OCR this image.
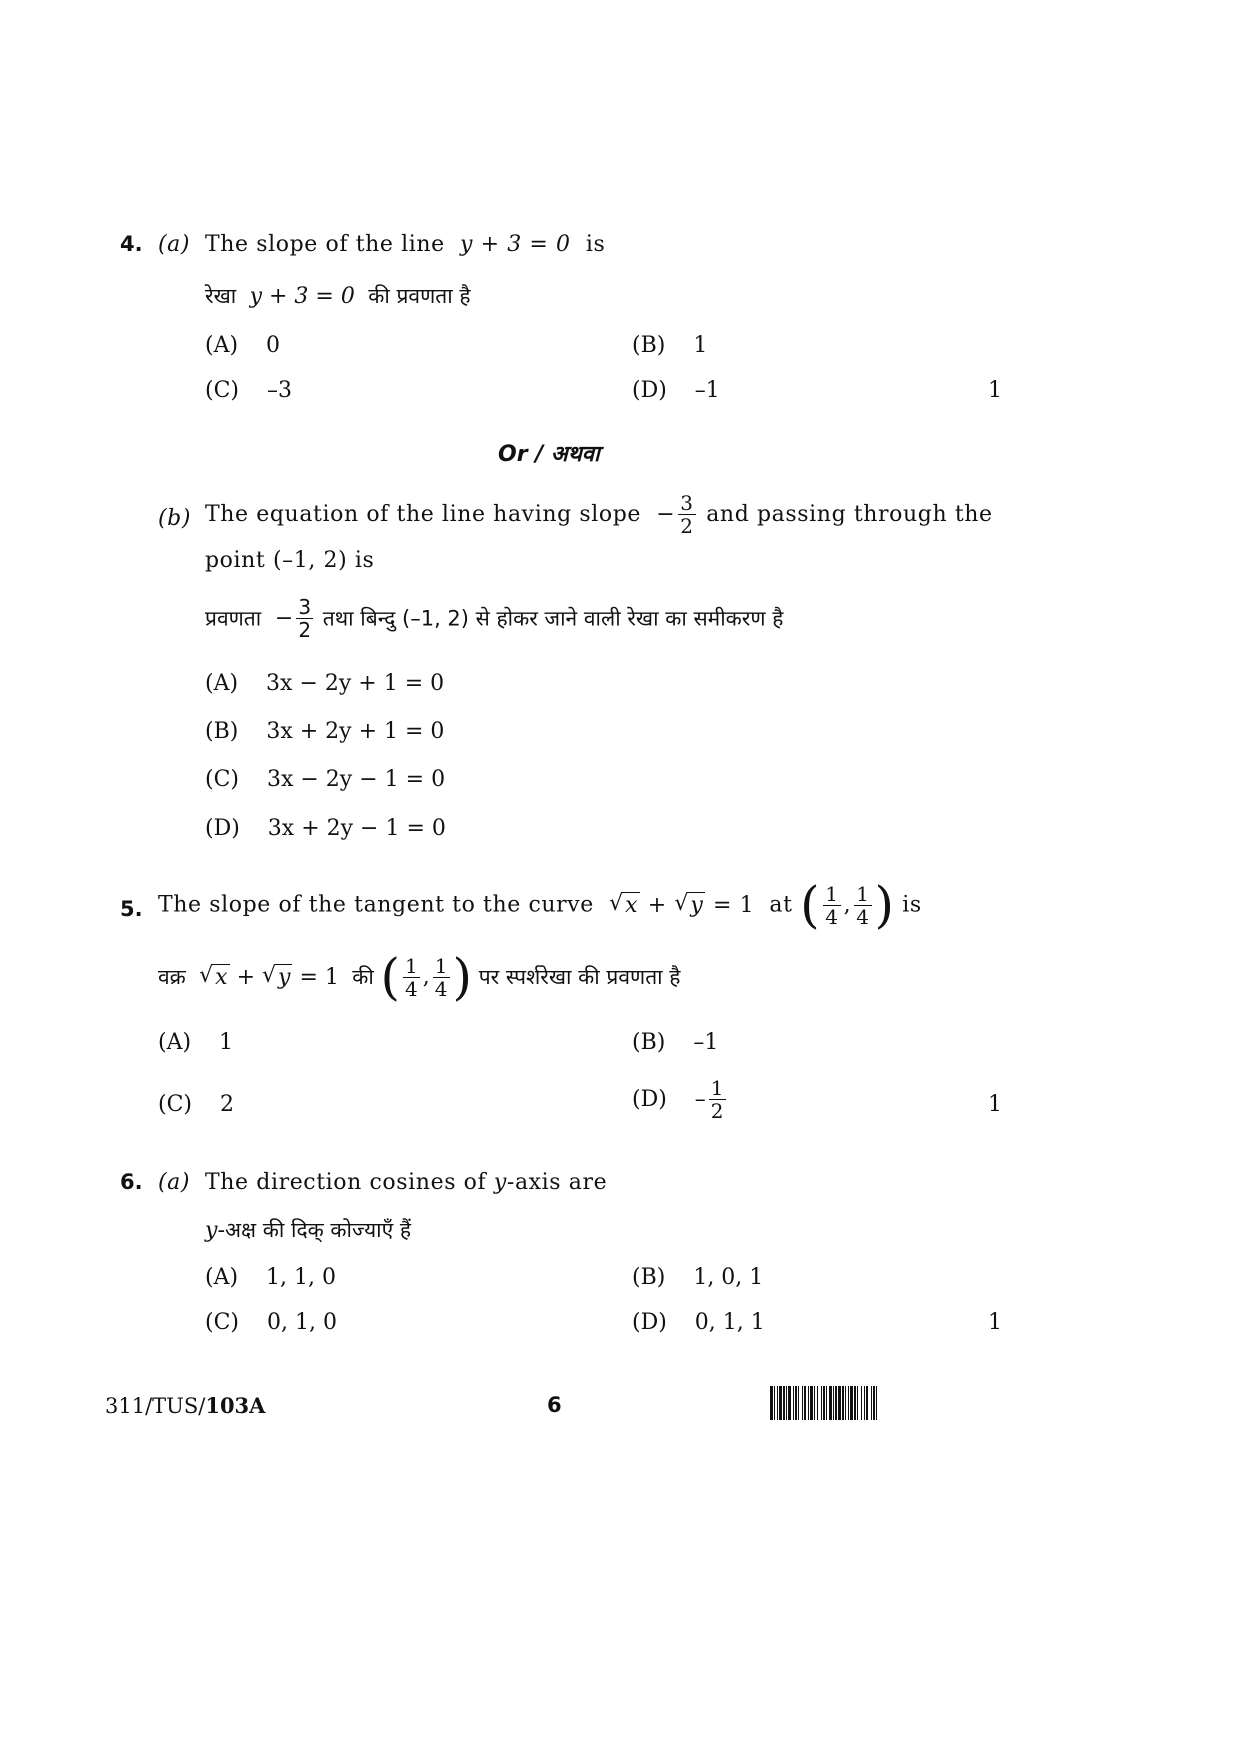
4. (a) The slope of the line y + 3 = 0 is
रेखा y + 3 = 0 की प्रवणता है
(A) 0	(B) 1
(C) –3	(D) –1	1
Or / अथवा
(b) The equation of the line having slope  − $\frac{3}{2}$ and passing through the
point (–1, 2) is
प्रवणता  − $\frac{3}{2}$ तथा बिन्दु (–1, 2) से होकर जाने वाली रेखा का समीकरण है
(A) 3x − 2y + 1 = 0
(B) 3x + 2y + 1 = 0
(C) 3x − 2y − 1 = 0
(D) 3x + 2y − 1 = 0
5. The slope of the tangent to the curve √ x + √ y = 1 at ( $\frac{1}{4}$ , $\frac{1}{4}$ ) is
वक्र √ x + √ y = 1 की ( $\frac{1}{4}$ , $\frac{1}{4}$ ) पर स्पर्शरेखा की प्रवणता है
(A) 1	(B) –1
(C) 2	$(D) - \frac{1}{2}$	1
6. (a) The direction cosines of y-axis are
y-अक्ष की दिक् कोज्याएँ हैं
(A) 1, 1, 0	(B) 1, 0, 1
(C) 0, 1, 0	(D) 0, 1, 1	1
311/TUS/103A	6
